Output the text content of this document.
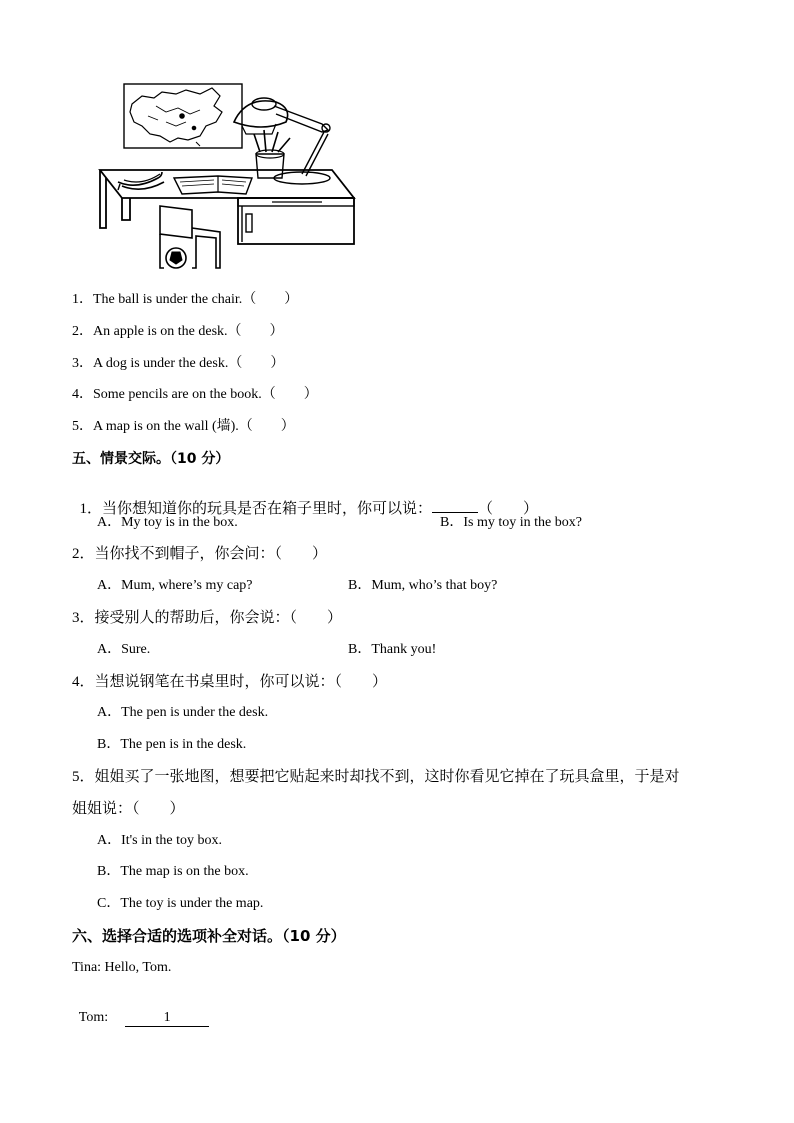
1．The ball is under the chair.（        ）
2．An apple is on the desk.（        ）
3．A dog is under the desk.（        ）
4．Some pencils are on the book.（        ）
5．A map is on the wall (墙).（        ）
五、情景交际。（10 分）

1．当你想知道你的玩具是否在箱子里时，你可以说：	（        ）

A．My toy is in the box.	B．Is my toy in the box?
2．当你找不到帽子，你会问：（        ）
A．Mum, where’s my cap?	B．Mum, who’s that boy?
3．接受别人的帮助后，你会说：（        ）
A．Sure.	B．Thank you!
4．当想说钢笔在书桌里时，你可以说：（        ）
A．The pen is under the desk.
B．The pen is in the desk.
5．姐姐买了一张地图，想要把它贴起来时却找不到，这时你看见它掉在了玩具盒里，于是对
姐姐说：（        ）
A．It's in the toy box.
B．The map is on the box.
C．The toy is under the map.
六、选择合适的选项补全对话。（10 分）
Tina: Hello, Tom.

Tom:	1
